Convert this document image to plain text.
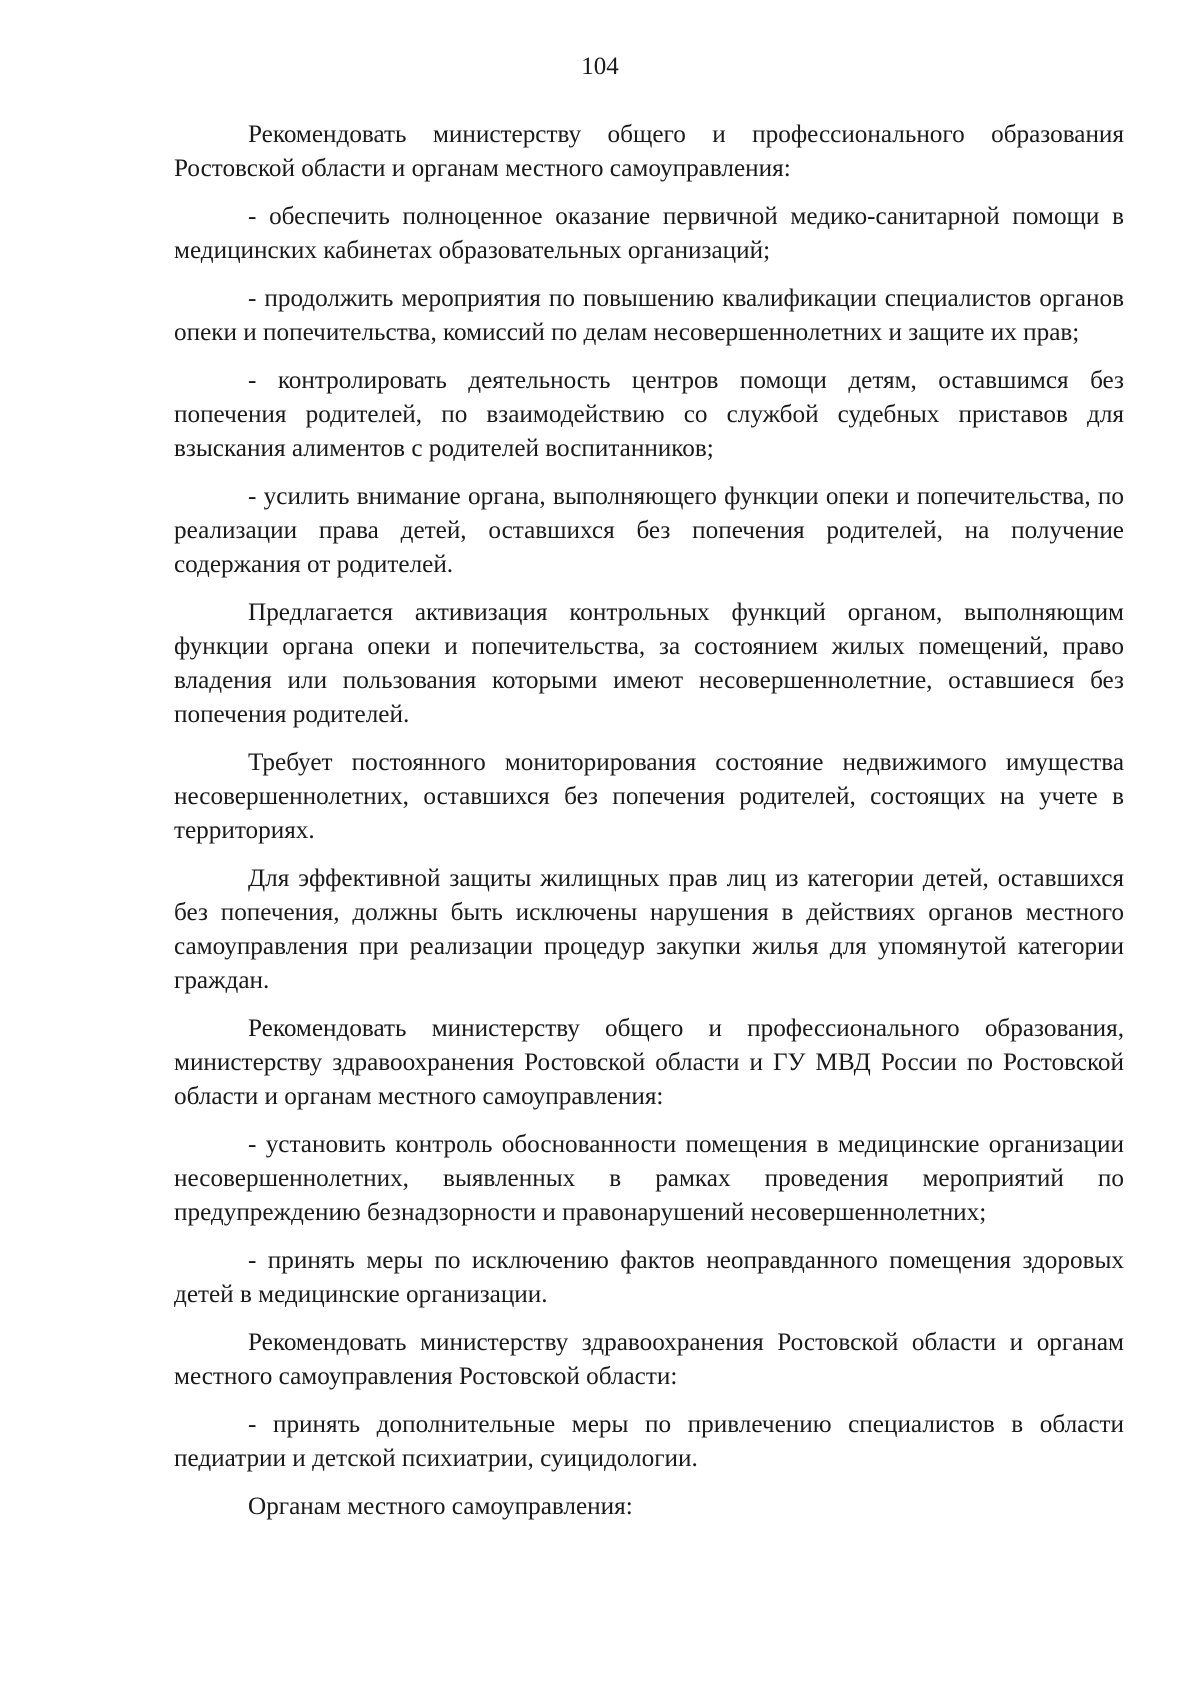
104

Рекомендовать министерству общего и профессионального образования Ростовской области и органам местного самоуправления:

- обеспечить полноценное оказание первичной медико-санитарной помощи в медицинских кабинетах образовательных организаций;

- продолжить мероприятия по повышению квалификации специалистов органов опеки и попечительства, комиссий по делам несовершеннолетних и защите их прав;

- контролировать деятельность центров помощи детям, оставшимся без попечения родителей, по взаимодействию со службой судебных приставов для взыскания алиментов с родителей воспитанников;

- усилить внимание органа, выполняющего функции опеки и попечительства, по реализации права детей, оставшихся без попечения родителей, на получение содержания от родителей.

Предлагается активизация контрольных функций органом, выполняющим функции органа опеки и попечительства, за состоянием жилых помещений, право владения или пользования которыми имеют несовершеннолетние, оставшиеся без попечения родителей.

Требует постоянного мониторирования состояние недвижимого имущества несовершеннолетних, оставшихся без попечения родителей, состоящих на учете в территориях.

Для эффективной защиты жилищных прав лиц из категории детей, оставшихся без попечения, должны быть исключены нарушения в действиях органов местного самоуправления при реализации процедур закупки жилья для упомянутой категории граждан.

Рекомендовать министерству общего и профессионального образования, министерству здравоохранения Ростовской области и ГУ МВД России по Ростовской области и органам местного самоуправления:

- установить контроль обоснованности помещения в медицинские организации несовершеннолетних, выявленных в рамках проведения мероприятий по предупреждению безнадзорности и правонарушений несовершеннолетних;

- принять меры по исключению фактов неоправданного помещения здоровых детей в медицинские организации.

Рекомендовать министерству здравоохранения Ростовской области и органам местного самоуправления Ростовской области:

- принять дополнительные меры по привлечению специалистов в области педиатрии и детской психиатрии, суицидологии.

Органам местного самоуправления:
